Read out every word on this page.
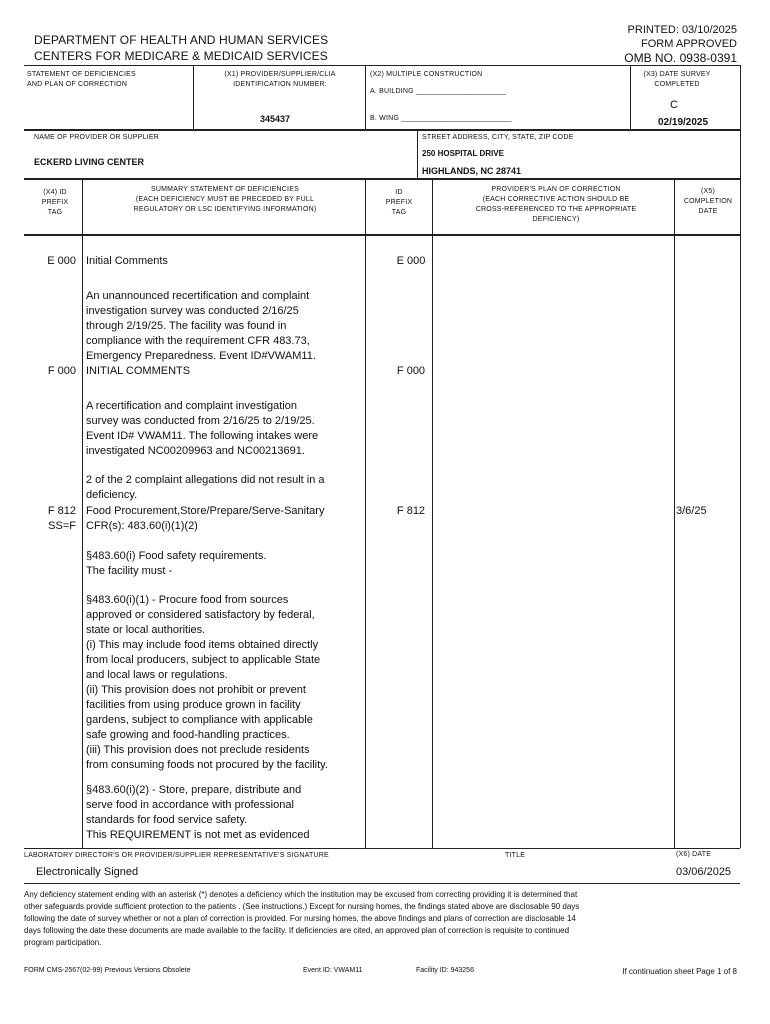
DEPARTMENT OF HEALTH AND HUMAN SERVICES
CENTERS FOR MEDICARE & MEDICAID SERVICES
PRINTED: 03/10/2025
FORM APPROVED
OMB NO. 0938-0391
STATEMENT OF DEFICIENCIES
AND PLAN OF CORRECTION
(X1) PROVIDER/SUPPLIER/CLIA
IDENTIFICATION NUMBER:
345437
(X2) MULTIPLE CONSTRUCTION
A. BUILDING ______________________
B. WING ___________________________
(X3) DATE SURVEY
COMPLETED
C
02/19/2025
NAME OF PROVIDER OR SUPPLIER
ECKERD LIVING CENTER
STREET ADDRESS, CITY, STATE, ZIP CODE
250 HOSPITAL DRIVE
HIGHLANDS, NC 28741
(X4) ID
PREFIX
TAG
SUMMARY STATEMENT OF DEFICIENCIES
(EACH DEFICIENCY MUST BE PRECEDED BY FULL
REGULATORY OR LSC IDENTIFYING INFORMATION)
ID
PREFIX
TAG
PROVIDER'S PLAN OF CORRECTION
(EACH CORRECTIVE ACTION SHOULD BE
CROSS-REFERENCED TO THE APPROPRIATE
DEFICIENCY)
(X5)
COMPLETION
DATE
E 000 Initial Comments	E 000
An unannounced recertification and complaint
investigation survey was conducted 2/16/25
through 2/19/25. The facility was found in
compliance with the requirement CFR 483.73,
Emergency Preparedness. Event ID#VWAM11.
F 000 INITIAL COMMENTS	F 000
A recertification and complaint investigation
survey was conducted from 2/16/25 to 2/19/25.
Event ID# VWAM11. The following intakes were
investigated NC00209963 and NC00213691.
2 of the 2 complaint allegations did not result in a
deficiency.
F 812
SS=F
Food Procurement,Store/Prepare/Serve-Sanitary
CFR(s): 483.60(i)(1)(2)
F 812	3/6/25
§483.60(i) Food safety requirements.
The facility must -
§483.60(i)(1) - Procure food from sources
approved or considered satisfactory by federal,
state or local authorities.
(i) This may include food items obtained directly
from local producers, subject to applicable State
and local laws or regulations.
(ii) This provision does not prohibit or prevent
facilities from using produce grown in facility
gardens, subject to compliance with applicable
safe growing and food-handling practices.
(iii) This provision does not preclude residents
from consuming foods not procured by the facility.
§483.60(i)(2) - Store, prepare, distribute and
serve food in accordance with professional
standards for food service safety.
This REQUIREMENT is not met as evidenced
LABORATORY DIRECTOR'S OR PROVIDER/SUPPLIER REPRESENTATIVE'S SIGNATURE	TITLE	(X6) DATE
Electronically Signed	03/06/2025
Any deficiency statement ending with an asterisk (*) denotes a deficiency which the institution may be excused from correcting providing it is determined that
other safeguards provide sufficient protection to the patients . (See instructions.) Except for nursing homes, the findings stated above are disclosable 90 days
following the date of survey whether or not a plan of correction is provided. For nursing homes, the above findings and plans of correction are disclosable 14
days following the date these documents are made available to the facility. If deficiencies are cited, an approved plan of correction is requisite to continued
program participation.
FORM CMS-2567(02-99) Previous Versions Obsolete	Event ID: VWAM11	Facility ID: 943256	If continuation sheet Page 1 of 8
